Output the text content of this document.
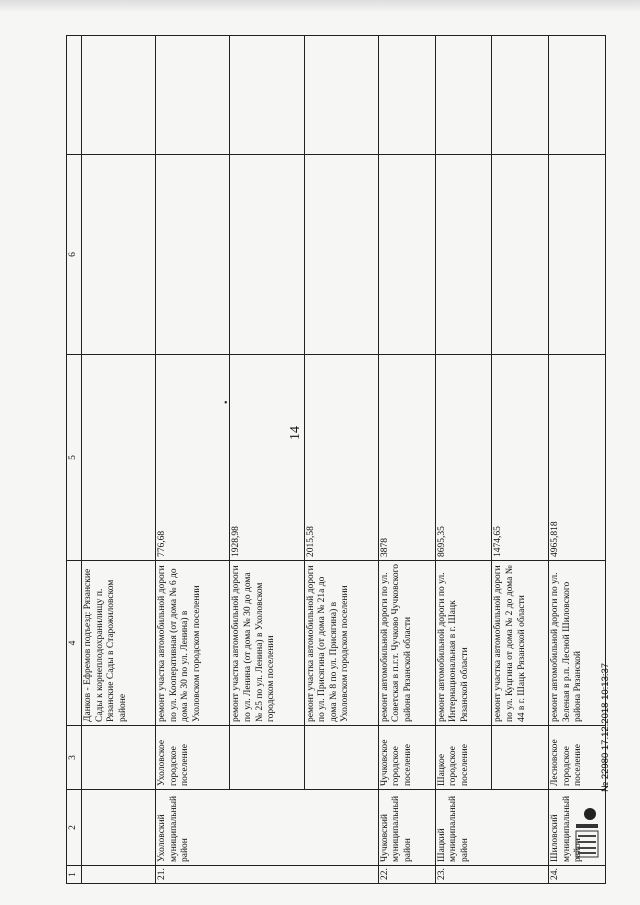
14
•
1	2	3	4	5	6	
			Данков - Ефремов подъезд: Рязанские Сады к корнеплодохранилищу п. Рязанские Сады в Старожиловском районе			
21.	Ухоловский муниципальный район	Ухоловское городское поселение	ремонт участка автомобильной дороги по ул. Кооперативная (от дома № 6 до дома № 30 по ул. Ленина) в Ухоловском городском поселении	776,68		
			ремонт участка автомобильной дороги по ул. Ленина (от дома № 30 до дома № 25 по ул. Ленина) в Ухоловском городском поселении	1928,98		
			ремонт участка автомобильной дороги по ул. Присягина (от дома № 21а до дома № 8 по ул. Присягина) в Ухоловском городском поселении	2015,58		
22.	Чучковский муниципальный район	Чучковское городское поселение	ремонт автомобильной дороги по ул. Советская в п.г.т. Чучково Чучковского района Рязанской области	3878		
23.	Шацкий муниципальный район	Шацкое городское поселение	ремонт автомобильной дороги по ул. Интернациональная в г. Шацк Рязанской области	8695,35		
			ремонт участка автомобильной дороги по ул. Куцгина от дома № 2 до дома № 44 в г. Шацк Рязанской области	1474,65		
24.	Шиловский муниципальный район	Лесновское городское поселение	ремонт автомобильной дороги по ул. Зеленая в р.п. Лесной Шиловского района Рязанской	4965,818		
№ 22980 17.12.2018 10:13:37
